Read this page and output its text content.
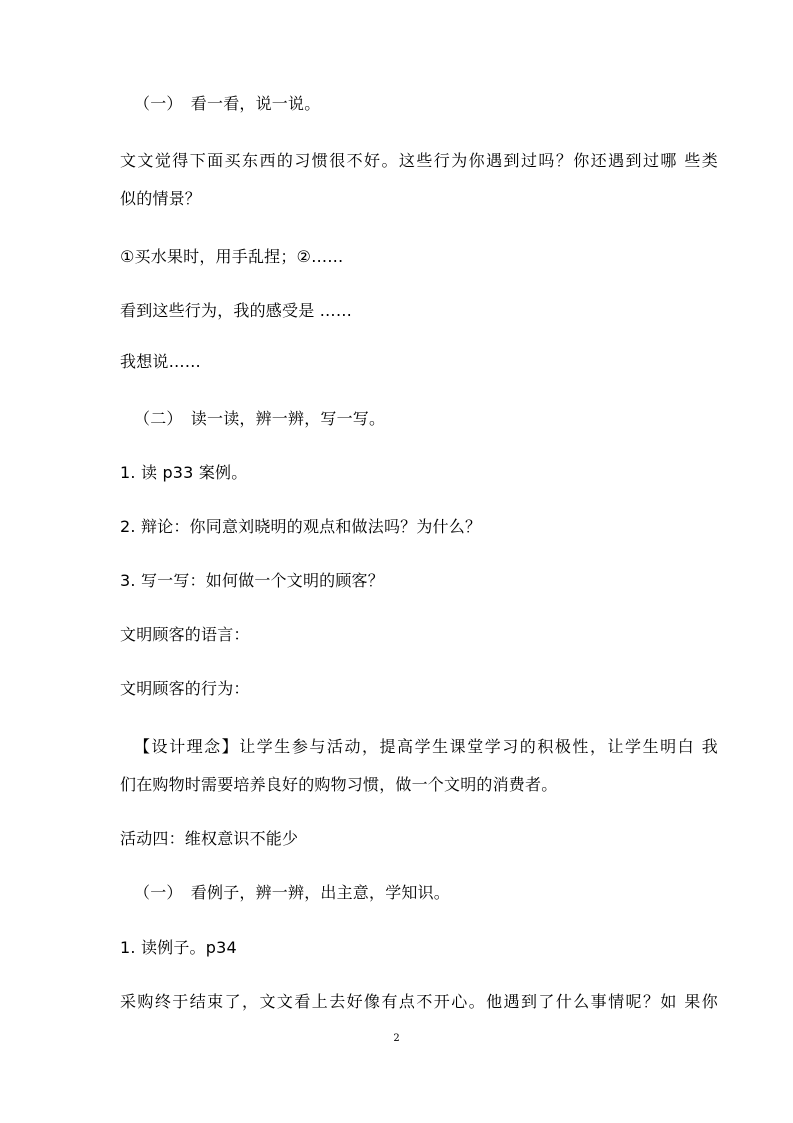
（一）　看一看，说一说。
文文觉得下面买东西的习惯很不好。这些行为你遇到过吗？你还遇到过哪 些类
似的情景？
①买水果时，用手乱捏；②……
看到这些行为，我的感受是 ……
我想说……
（二）　读一读，辨一辨，写一写。
1. 读 p33 案例。
2. 辩论：你同意刘晓明的观点和做法吗？为什么？
3. 写一写：如何做一个文明的顾客？
文明顾客的语言：
文明顾客的行为：
【设计理念】让学生参与活动，提高学生课堂学习的积极性，让学生明白 我
们在购物时需要培养良好的购物习惯，做一个文明的消费者。
活动四：维权意识不能少
（一）　看例子，辨一辨，出主意，学知识。
1. 读例子。p34
采购终于结束了，文文看上去好像有点不开心。他遇到了什么事情呢？如 果你
2
